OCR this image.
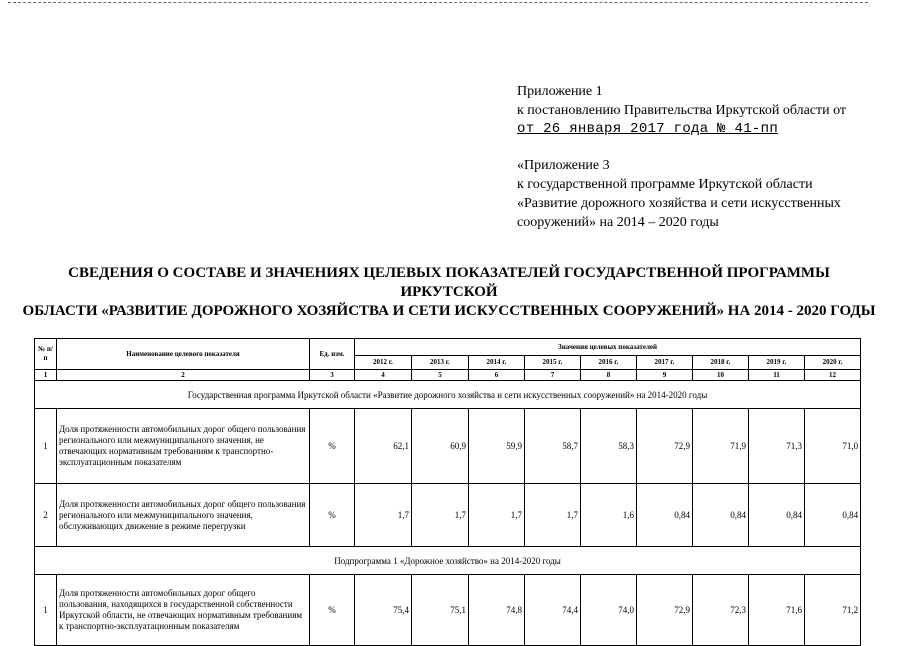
Приложение 1
к постановлению Правительства Иркутской области от
от 26 января 2017 года № 41-пп
«Приложение 3
к государственной программе Иркутской области
«Развитие дорожного хозяйства и сети искусственных
сооружений» на 2014 – 2020 годы
СВЕДЕНИЯ О СОСТАВЕ И ЗНАЧЕНИЯХ ЦЕЛЕВЫХ ПОКАЗАТЕЛЕЙ ГОСУДАРСТВЕННОЙ ПРОГРАММЫ ИРКУТСКОЙ
ОБЛАСТИ «РАЗВИТИЕ ДОРОЖНОГО ХОЗЯЙСТВА И СЕТИ ИСКУССТВЕННЫХ СООРУЖЕНИЙ» НА 2014 - 2020 ГОДЫ
№ п/п	Наименование целевого показателя	Ед. изм.	Значения целевых показателей								
			2012 г.	2013 г.	2014 г.	2015 г.	2016 г.	2017 г.	2018 г.	2019 г.	2020 г.
1	2	3	4	5	6	7	8	9	10	11	12
Государственная программа Иркутской области «Развитие дорожного хозяйства и сети искусственных сооружений» на 2014-2020 годы											
1	Доля протяженности автомобильных дорог общего пользования регионального или межмуниципального значения, не отвечающих нормативным требованиям к транспортно-эксплуатационным показателям	%	62,1	60,9	59,9	58,7	58,3	72,9	71,9	71,3	71,0
2	Доля протяженности автомобильных дорог общего пользования регионального или межмуниципального значения, обслуживающих движение в режиме перегрузки	%	1,7	1,7	1,7	1,7	1,6	0,84	0,84	0,84	0,84
Подпрограмма 1 «Дорожное хозяйство» на 2014-2020 годы											
1	Доля протяженности автомобильных дорог общего пользования, находящихся в государственной собственности Иркутской области, не отвечающих нормативным требованиям к транспортно-эксплуатационным показателям	%	75,4	75,1	74,8	74,4	74,0	72,9	72,3	71,6	71,2
